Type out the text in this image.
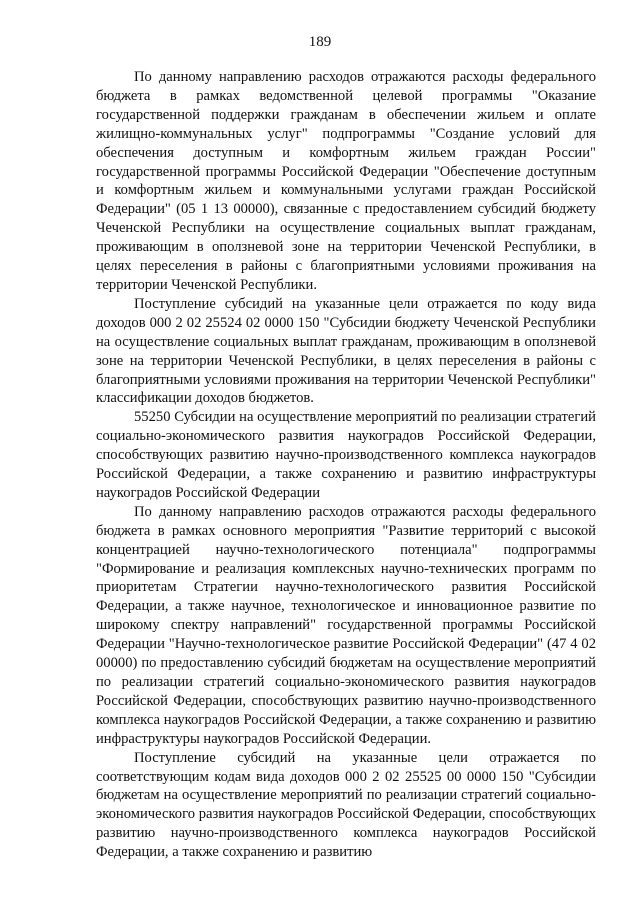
189

По данному направлению расходов отражаются расходы федерального бюджета в рамках ведомственной целевой программы "Оказание государственной поддержки гражданам в обеспечении жильем и оплате жилищно-коммунальных услуг" подпрограммы "Создание условий для обеспечения доступным и комфортным жильем граждан России" государственной программы Российской Федерации "Обеспечение доступным и комфортным жильем и коммунальными услугами граждан Российской Федерации" (05 1 13 00000), связанные с предоставлением субсидий бюджету Чеченской Республики на осуществление социальных выплат гражданам, проживающим в оползневой зоне на территории Чеченской Республики, в целях переселения в районы с благоприятными условиями проживания на территории Чеченской Республики.

Поступление субсидий на указанные цели отражается по коду вида доходов 000 2 02 25524 02 0000 150 "Субсидии бюджету Чеченской Республики на осуществление социальных выплат гражданам, проживающим в оползневой зоне на территории Чеченской Республики, в целях переселения в районы с благоприятными условиями проживания на территории Чеченской Республики" классификации доходов бюджетов.

55250 Субсидии на осуществление мероприятий по реализации стратегий социально-экономического развития наукоградов Российской Федерации, способствующих развитию научно-производственного комплекса наукоградов Российской Федерации, а также сохранению и развитию инфраструктуры наукоградов Российской Федерации

По данному направлению расходов отражаются расходы федерального бюджета в рамках основного мероприятия "Развитие территорий с высокой концентрацией научно-технологического потенциала" подпрограммы "Формирование и реализация комплексных научно-технических программ по приоритетам Стратегии научно-технологического развития Российской Федерации, а также научное, технологическое и инновационное развитие по широкому спектру направлений" государственной программы Российской Федерации "Научно-технологическое развитие Российской Федерации" (47 4 02 00000) по предоставлению субсидий бюджетам на осуществление мероприятий по реализации стратегий социально-экономического развития наукоградов Российской Федерации, способствующих развитию научно-производственного комплекса наукоградов Российской Федерации, а также сохранению и развитию инфраструктуры наукоградов Российской Федерации.

Поступление субсидий на указанные цели отражается по соответствующим кодам вида доходов 000 2 02 25525 00 0000 150 "Субсидии бюджетам на осуществление мероприятий по реализации стратегий социально-экономического развития наукоградов Российской Федерации, способствующих развитию научно-производственного комплекса наукоградов Российской Федерации, а также сохранению и развитию
